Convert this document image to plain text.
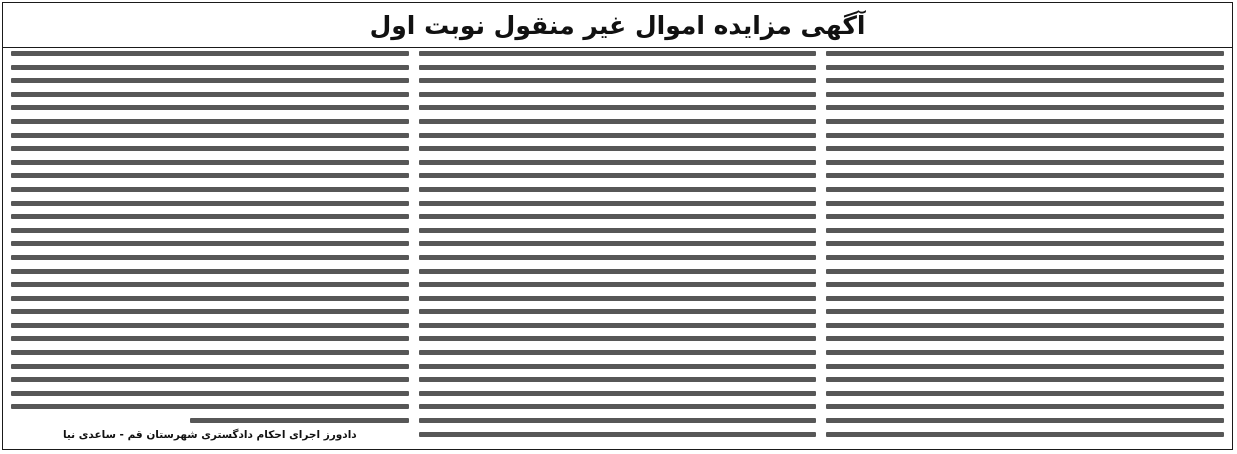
آگهی مزایده اموال غیر منقول نوبت اول
دادورز اجرای احکام دادگستری شهرستان قم - ساعدی نیا
